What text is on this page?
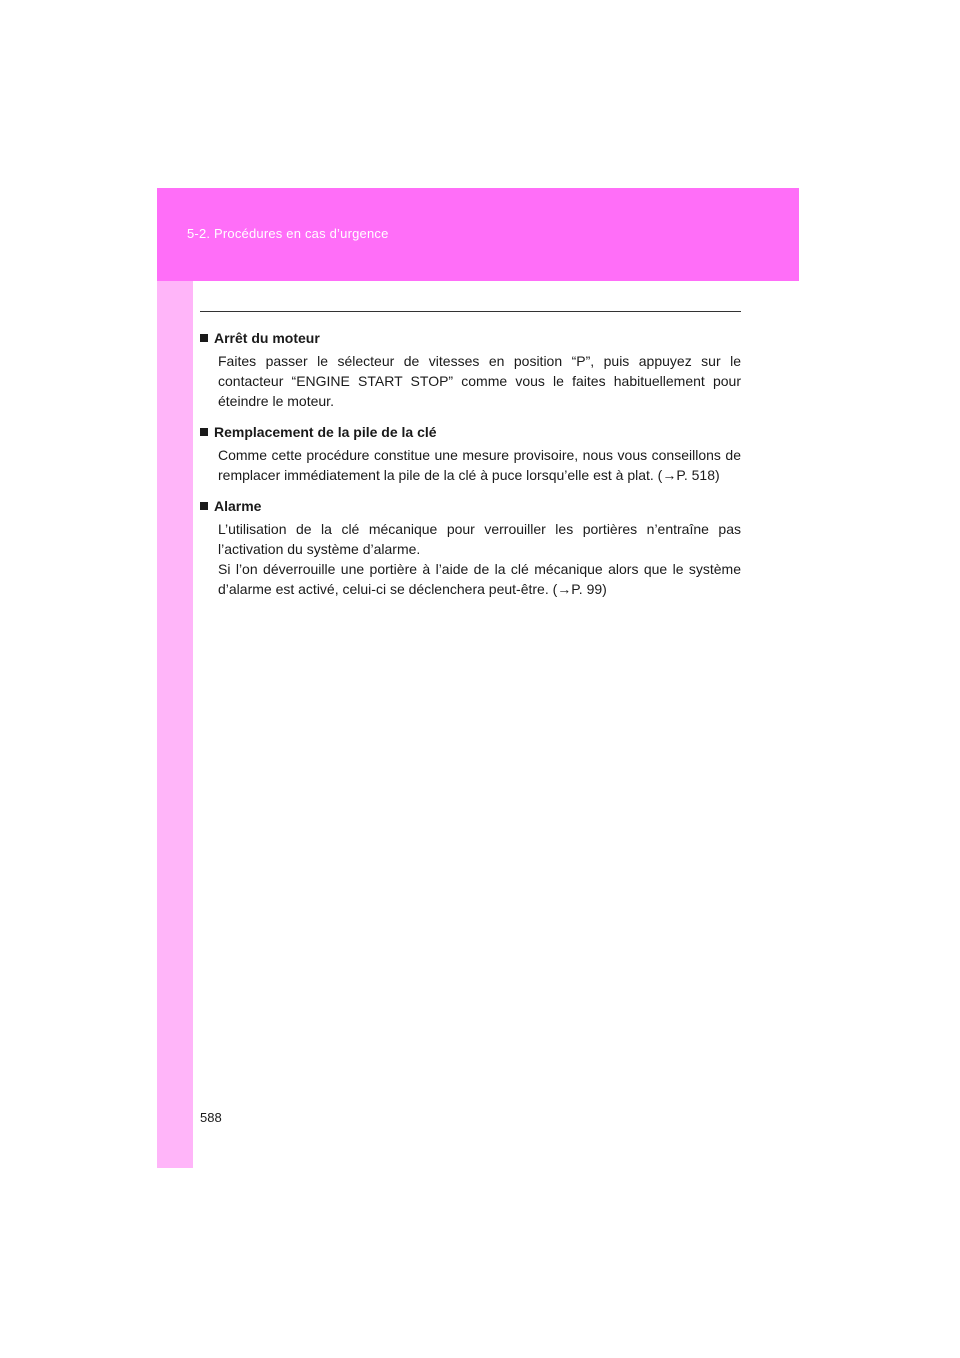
5-2. Procédures en cas d’urgence
Arrêt du moteur

Faites passer le sélecteur de vitesses en position “P”, puis appuyez sur le contacteur “ENGINE START STOP” comme vous le faites habituellement pour éteindre le moteur.

Remplacement de la pile de la clé

Comme cette procédure constitue une mesure provisoire, nous vous conseillons de remplacer immédiatement la pile de la clé à puce lorsqu’elle est à plat. (→P. 518)

Alarme

L’utilisation de la clé mécanique pour verrouiller les portières n’entraîne pas l’activation du système d’alarme.

Si l’on déverrouille une portière à l’aide de la clé mécanique alors que le système d’alarme est activé, celui-ci se déclenchera peut-être. (→P. 99)

588
